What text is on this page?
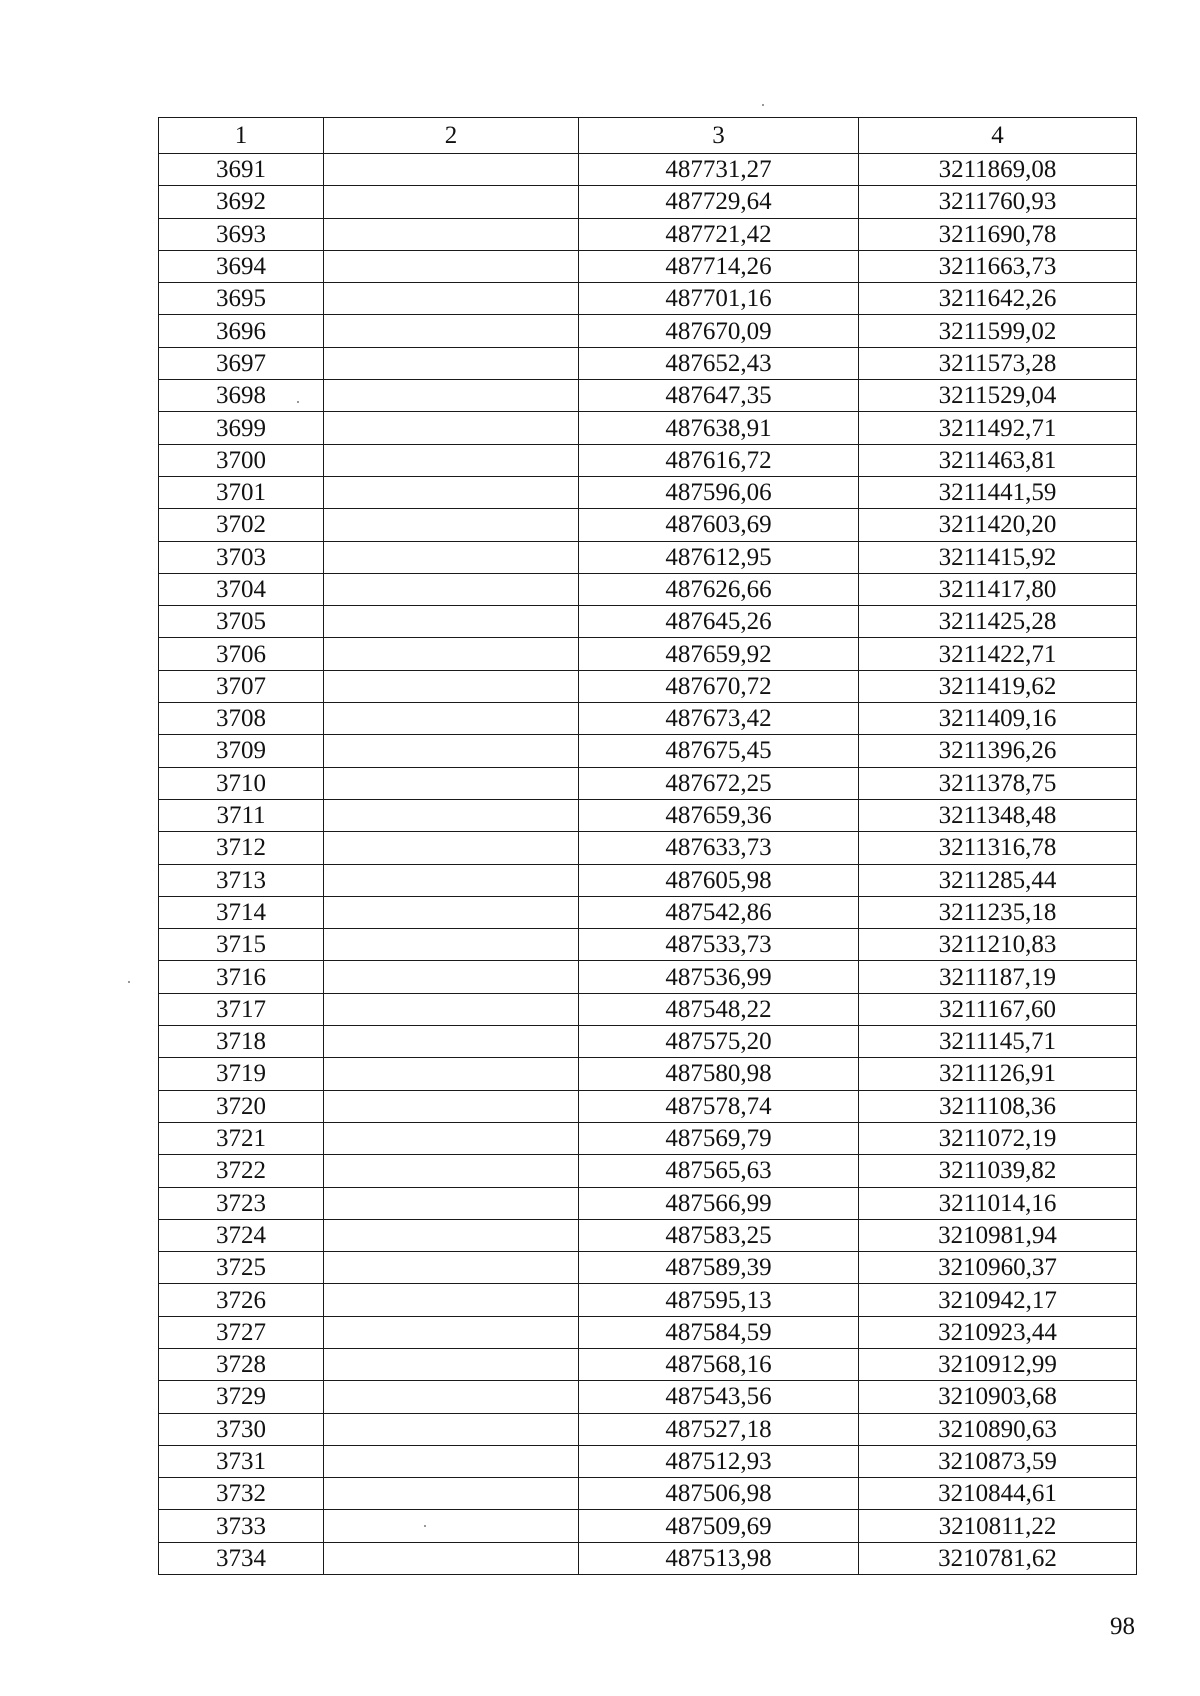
1	2	3	4
3691		487731,27	3211869,08
3692		487729,64	3211760,93
3693		487721,42	3211690,78
3694		487714,26	3211663,73
3695		487701,16	3211642,26
3696		487670,09	3211599,02
3697		487652,43	3211573,28
3698		487647,35	3211529,04
3699		487638,91	3211492,71
3700		487616,72	3211463,81
3701		487596,06	3211441,59
3702		487603,69	3211420,20
3703		487612,95	3211415,92
3704		487626,66	3211417,80
3705		487645,26	3211425,28
3706		487659,92	3211422,71
3707		487670,72	3211419,62
3708		487673,42	3211409,16
3709		487675,45	3211396,26
3710		487672,25	3211378,75
3711		487659,36	3211348,48
3712		487633,73	3211316,78
3713		487605,98	3211285,44
3714		487542,86	3211235,18
3715		487533,73	3211210,83
3716		487536,99	3211187,19
3717		487548,22	3211167,60
3718		487575,20	3211145,71
3719		487580,98	3211126,91
3720		487578,74	3211108,36
3721		487569,79	3211072,19
3722		487565,63	3211039,82
3723		487566,99	3211014,16
3724		487583,25	3210981,94
3725		487589,39	3210960,37
3726		487595,13	3210942,17
3727		487584,59	3210923,44
3728		487568,16	3210912,99
3729		487543,56	3210903,68
3730		487527,18	3210890,63
3731		487512,93	3210873,59
3732		487506,98	3210844,61
3733		487509,69	3210811,22
3734		487513,98	3210781,62
98
